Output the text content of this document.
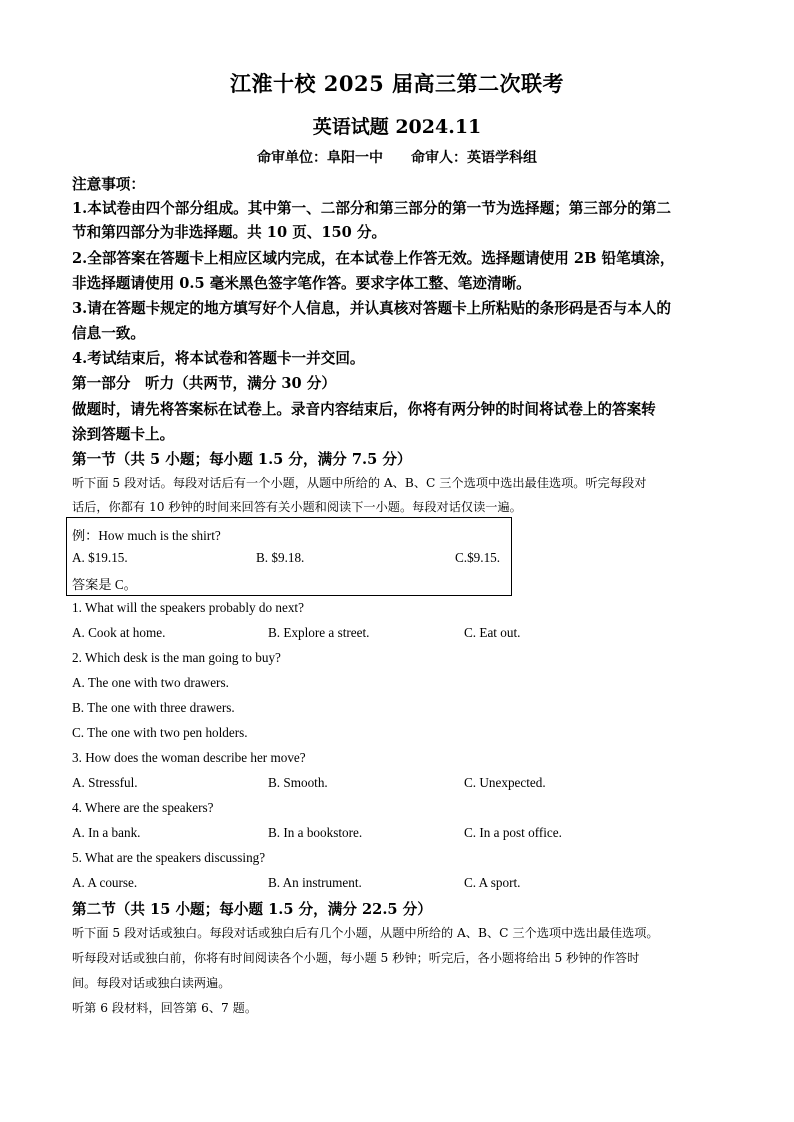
江淮十校 2025 届高三第二次联考
英语试题 2024.11
命审单位：阜阳一中　　命审人：英语学科组
注意事项：
1.本试卷由四个部分组成。其中第一、二部分和第三部分的第一节为选择题；第三部分的第二
节和第四部分为非选择题。共 10 页、150 分。
2.全部答案在答题卡上相应区域内完成，在本试卷上作答无效。选择题请使用 2B 铅笔填涂，
非选择题请使用 0.5 毫米黑色签字笔作答。要求字体工整、笔迹清晰。
3.请在答题卡规定的地方填写好个人信息，并认真核对答题卡上所粘贴的条形码是否与本人的
信息一致。
4.考试结束后，将本试卷和答题卡一并交回。
第一部分　听力（共两节，满分 30 分）
做题时，请先将答案标在试卷上。录音内容结束后，你将有两分钟的时间将试卷上的答案转
涂到答题卡上。
第一节（共 5 小题；每小题 1.5 分，满分 7.5 分）
听下面 5 段对话。每段对话后有一个小题，从题中所给的 A、B、C 三个选项中选出最佳选项。听完每段对
话后，你都有 10 秒钟的时间来回答有关小题和阅读下一小题。每段对话仅读一遍。
例：How much is the shirt?
A. $19.15.	B. $9.18.	C.$9.15.
答案是 C。
1. What will the speakers probably do next?
A. Cook at home.	B. Explore a street.	C. Eat out.
2. Which desk is the man going to buy?
A. The one with two drawers.
B. The one with three drawers.
C. The one with two pen holders.
3. How does the woman describe her move?
A. Stressful.	B. Smooth.	C. Unexpected.
4. Where are the speakers?
A. In a bank.	B. In a bookstore.	C. In a post office.
5. What are the speakers discussing?
A. A course.	B. An instrument.	C. A sport.
第二节（共 15 小题；每小题 1.5 分，满分 22.5 分）
听下面 5 段对话或独白。每段对话或独白后有几个小题，从题中所给的 A、B、C 三个选项中选出最佳选项。
听每段对话或独白前，你将有时间阅读各个小题，每小题 5 秒钟；听完后，各小题将给出 5 秒钟的作答时
间。每段对话或独白读两遍。
听第 6 段材料，回答第 6、7 题。
